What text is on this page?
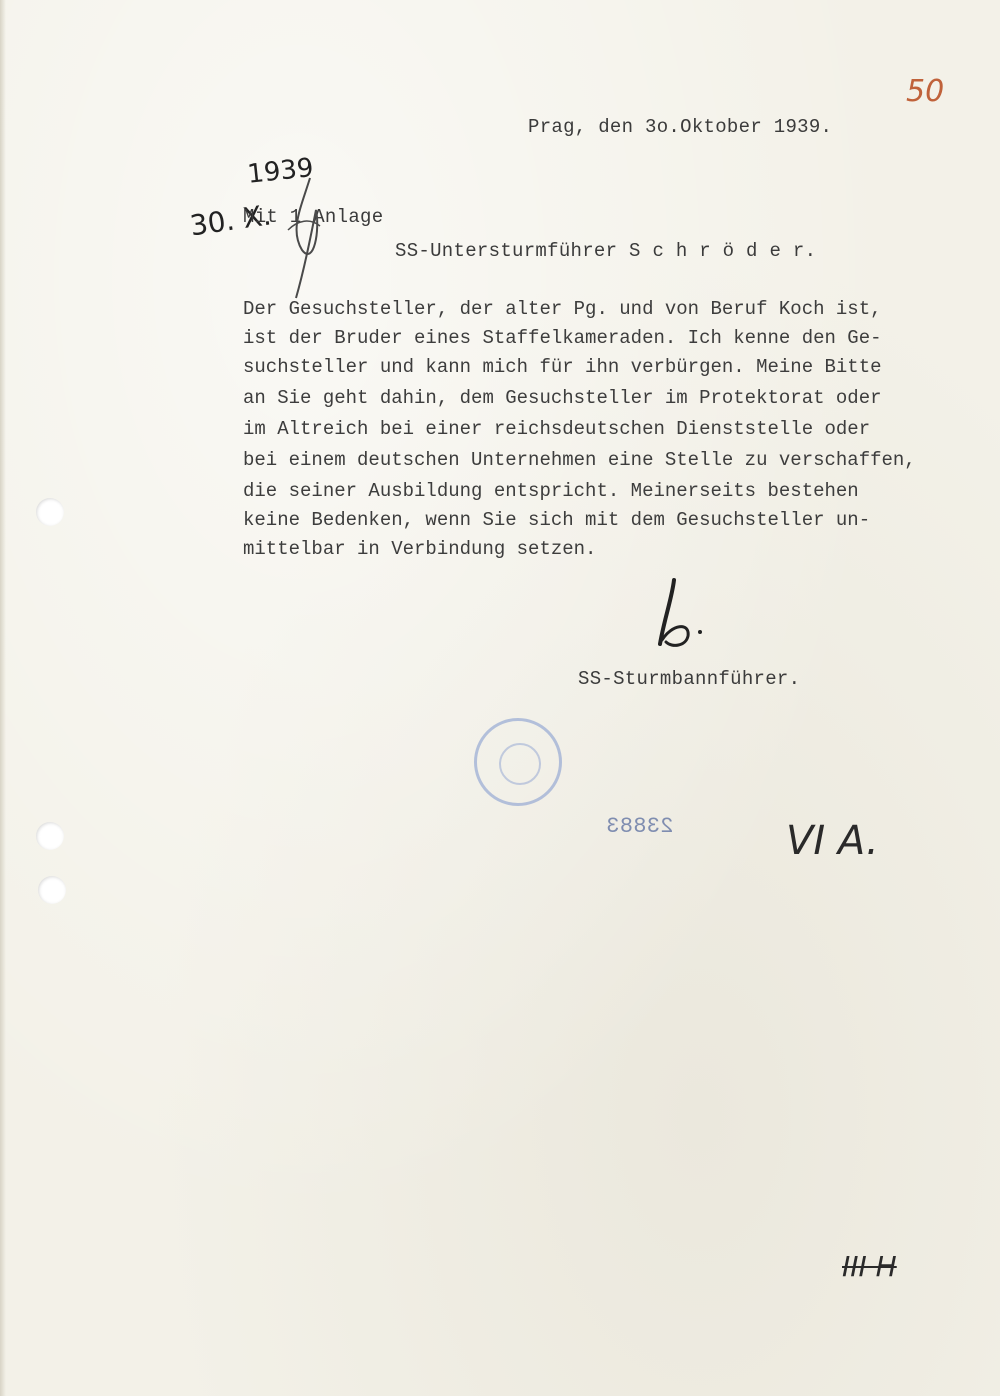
50
Prag, den 3o.Oktober 1939.

30. X.

1939
Mit 1 Anlage
SS-Untersturmführer S c h r ö d e r.
Der Gesuchsteller, der alter Pg. und von Beruf Koch ist,
ist der Bruder eines Staffelkameraden. Ich kenne den Ge-
suchsteller und kann mich für ihn verbürgen. Meine Bitte
an Sie geht dahin, dem Gesuchsteller im Protektorat oder
im Altreich bei einer reichsdeutschen Dienststelle oder
bei einem deutschen Unternehmen eine Stelle zu verschaffen,
die seiner Ausbildung entspricht. Meinerseits bestehen
keine Bedenken, wenn Sie sich mit dem Gesuchsteller un-
mittelbar in Verbindung setzen.
SS-Sturmbannführer.
23883	VI A.
III H
